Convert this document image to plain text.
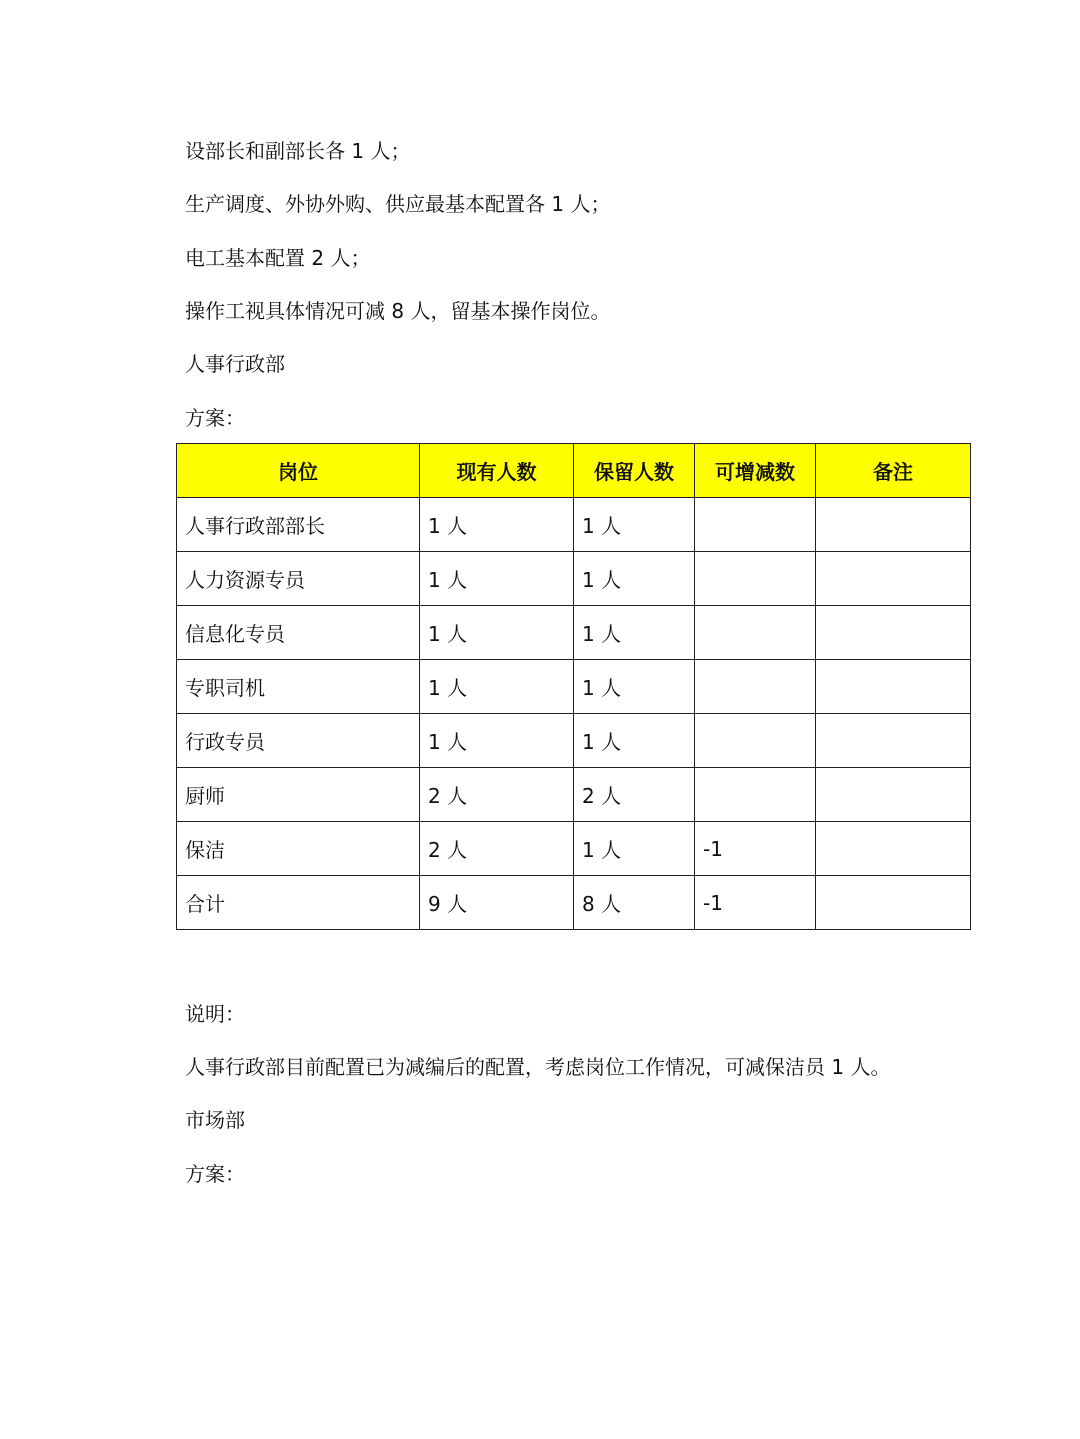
设部长和副部长各 1 人；

生产调度、外协外购、供应最基本配置各 1 人；

电工基本配置 2 人；

操作工视具体情况可减 8 人，留基本操作岗位。

人事行政部

方案：

岗位	现有人数	保留人数	可增减数	备注
人事行政部部长	1 人	1 人		
人力资源专员	1 人	1 人		
信息化专员	1 人	1 人		
专职司机	1 人	1 人		
行政专员	1 人	1 人		
厨师	2 人	2 人		
保洁	2 人	1 人	-1	
合计	9 人	8 人	-1	

说明：

人事行政部目前配置已为减编后的配置，考虑岗位工作情况，可减保洁员 1 人。

市场部

方案：
